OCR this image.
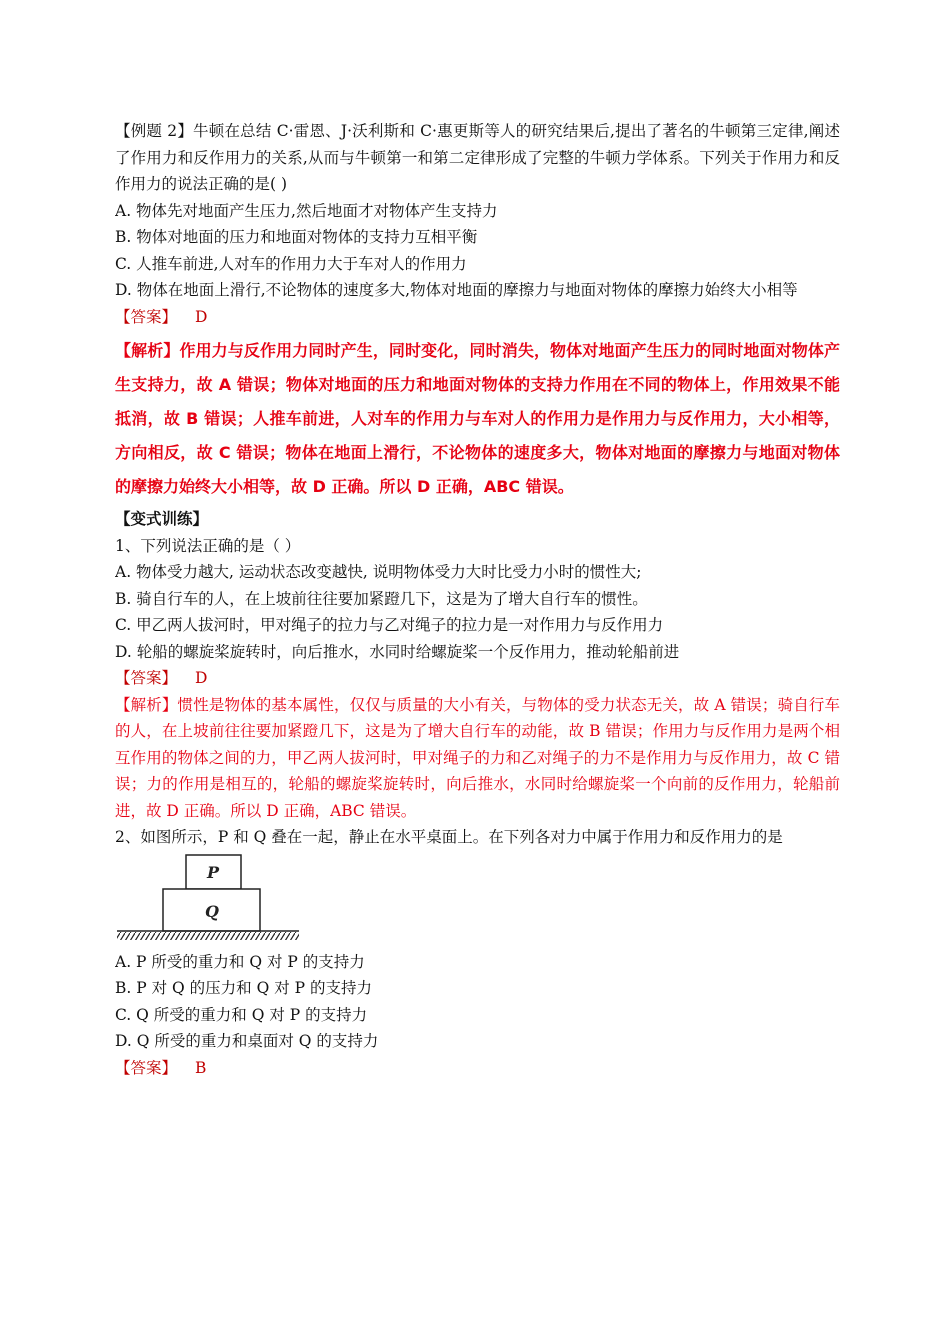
【例题 2】牛顿在总结 C·雷恩、J·沃利斯和 C·惠更斯等人的研究结果后,提出了著名的牛顿第三定律,阐述了作用力和反作用力的关系,从而与牛顿第一和第二定律形成了完整的牛顿力学体系。下列关于作用力和反作用力的说法正确的是( )
A. 物体先对地面产生压力,然后地面才对物体产生支持力
B. 物体对地面的压力和地面对物体的支持力互相平衡
C. 人推车前进,人对车的作用力大于车对人的作用力
D. 物体在地面上滑行,不论物体的速度多大,物体对地面的摩擦力与地面对物体的摩擦力始终大小相等
【答案】 D
【解析】作用力与反作用力同时产生，同时变化，同时消失，物体对地面产生压力的同时地面对物体产生支持力，故 A 错误；物体对地面的压力和地面对物体的支持力作用在不同的物体上，作用效果不能抵消，故 B 错误；人推车前进，人对车的作用力与车对人的作用力是作用力与反作用力，大小相等，方向相反，故 C 错误；物体在地面上滑行，不论物体的速度多大，物体对地面的摩擦力与地面对物体的摩擦力始终大小相等，故 D 正确。所以 D 正确，ABC 错误。
【变式训练】
1、下列说法正确的是（ ）
A. 物体受力越大, 运动状态改变越快, 说明物体受力大时比受力小时的惯性大;
B. 骑自行车的人，在上坡前往往要加紧蹬几下，这是为了增大自行车的惯性。
C. 甲乙两人拔河时，甲对绳子的拉力与乙对绳子的拉力是一对作用力与反作用力
D. 轮船的螺旋桨旋转时，向后推水，水同时给螺旋桨一个反作用力，推动轮船前进
【答案】 D
【解析】惯性是物体的基本属性，仅仅与质量的大小有关，与物体的受力状态无关，故 A 错误；骑自行车的人，在上坡前往往要加紧蹬几下，这是为了增大自行车的动能，故 B 错误；作用力与反作用力是两个相互作用的物体之间的力，甲乙两人拔河时，甲对绳子的力和乙对绳子的力不是作用力与反作用力，故 C 错误；力的作用是相互的，轮船的螺旋桨旋转时，向后推水，水同时给螺旋桨一个向前的反作用力，轮船前进，故 D 正确。所以 D 正确，ABC 错误。
2、如图所示，P 和 Q 叠在一起，静止在水平桌面上。在下列各对力中属于作用力和反作用力的是
P
Q
A. P 所受的重力和 Q 对 P 的支持力
B. P 对 Q 的压力和 Q 对 P 的支持力
C. Q 所受的重力和 Q 对 P 的支持力
D. Q 所受的重力和桌面对 Q 的支持力
【答案】 B
